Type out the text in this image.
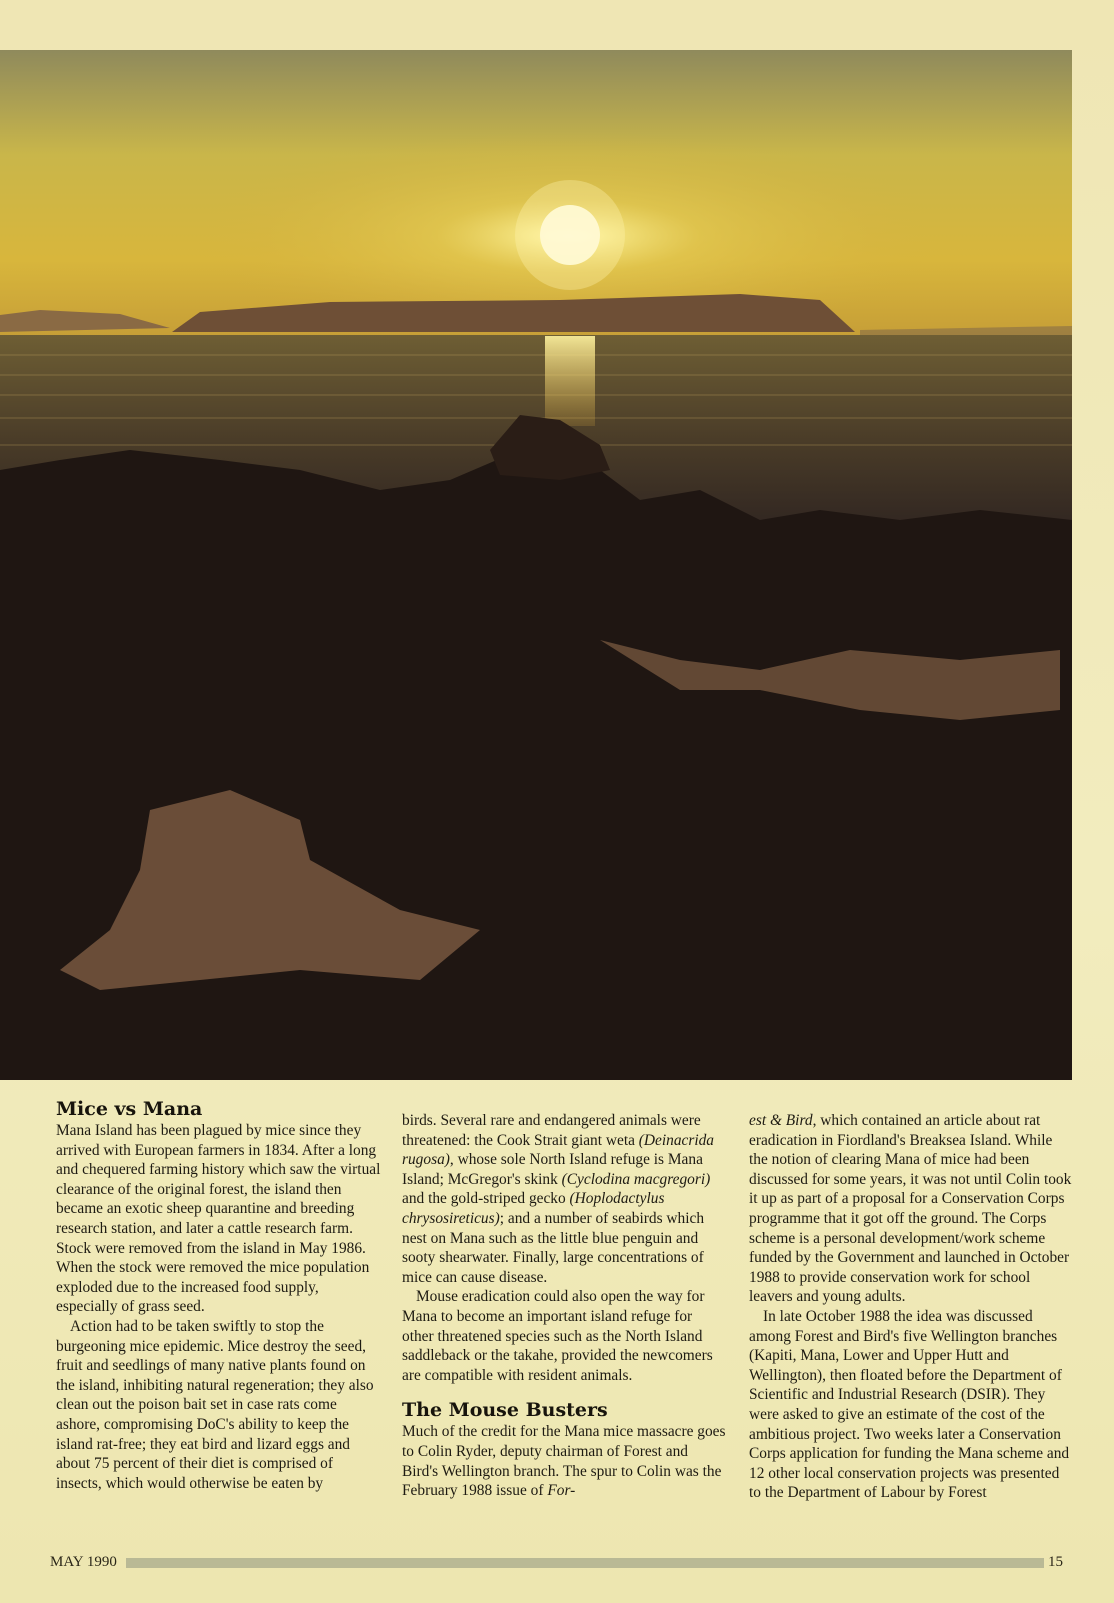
Mice vs Mana

Mana Island has been plagued by mice since they arrived with European farmers in 1834. After a long and chequered farming history which saw the virtual clearance of the original forest, the island then became an exotic sheep quarantine and breeding research station, and later a cattle research farm. Stock were removed from the island in May 1986. When the stock were removed the mice population exploded due to the increased food supply, especially of grass seed.

Action had to be taken swiftly to stop the burgeoning mice epidemic. Mice destroy the seed, fruit and seedlings of many native plants found on the island, inhibiting natural regeneration; they also clean out the poison bait set in case rats come ashore, compromising DoC's ability to keep the island rat-free; they eat bird and lizard eggs and about 75 percent of their diet is comprised of insects, which would otherwise be eaten by

birds. Several rare and endangered animals were threatened: the Cook Strait giant weta (Deinacrida rugosa), whose sole North Island refuge is Mana Island; McGregor's skink (Cyclodina macgregori) and the gold-striped gecko (Hoplodactylus chrysosireticus); and a number of seabirds which nest on Mana such as the little blue penguin and sooty shearwater. Finally, large concentrations of mice can cause disease.

Mouse eradication could also open the way for Mana to become an important island refuge for other threatened species such as the North Island saddleback or the takahe, provided the newcomers are compatible with resident animals.

The Mouse Busters

Much of the credit for the Mana mice massacre goes to Colin Ryder, deputy chairman of Forest and Bird's Wellington branch. The spur to Colin was the February 1988 issue of For-

est & Bird, which contained an article about rat eradication in Fiordland's Breaksea Island. While the notion of clearing Mana of mice had been discussed for some years, it was not until Colin took it up as part of a proposal for a Conservation Corps programme that it got off the ground. The Corps scheme is a personal development/work scheme funded by the Government and launched in October 1988 to provide conservation work for school leavers and young adults.

In late October 1988 the idea was discussed among Forest and Bird's five Wellington branches (Kapiti, Mana, Lower and Upper Hutt and Wellington), then floated before the Department of Scientific and Industrial Research (DSIR). They were asked to give an estimate of the cost of the ambitious project. Two weeks later a Conservation Corps application for funding the Mana scheme and 12 other local conservation projects was presented to the Department of Labour by Forest

MAY 1990	15
